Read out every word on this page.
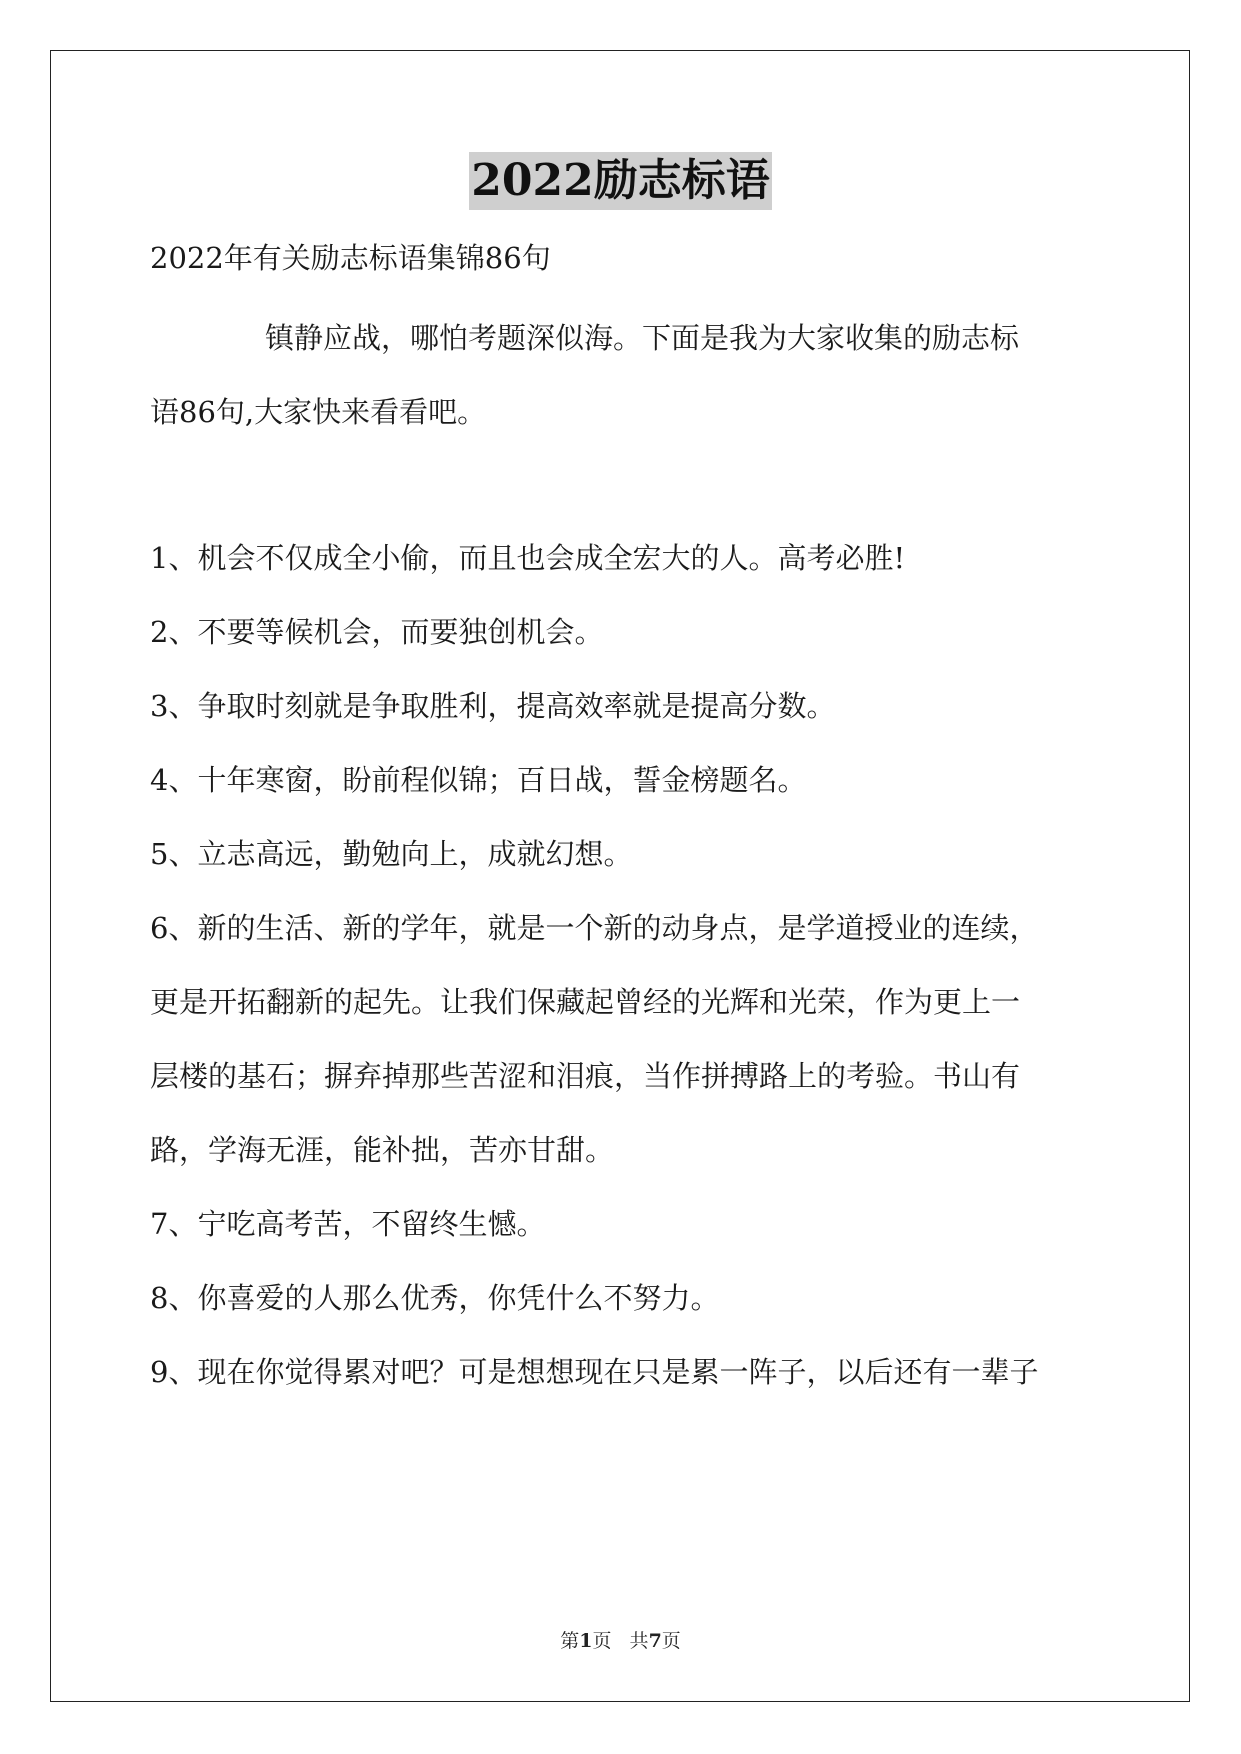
2022励志标语
2022年有关励志标语集锦86句
镇静应战，哪怕考题深似海。下面是我为大家收集的励志标
语86句,大家快来看看吧。
1、机会不仅成全小偷，而且也会成全宏大的人。高考必胜!
2、不要等候机会，而要独创机会。
3、争取时刻就是争取胜利，提高效率就是提高分数。
4、十年寒窗，盼前程似锦；百日战，誓金榜题名。
5、立志高远，勤勉向上，成就幻想。
6、新的生活、新的学年，就是一个新的动身点，是学道授业的连续，
更是开拓翻新的起先。让我们保藏起曾经的光辉和光荣，作为更上一
层楼的基石；摒弃掉那些苦涩和泪痕，当作拼搏路上的考验。书山有
路，学海无涯，能补拙，苦亦甘甜。
7、宁吃高考苦，不留终生憾。
8、你喜爱的人那么优秀，你凭什么不努力。
9、现在你觉得累对吧？可是想想现在只是累一阵子，以后还有一辈子
第1页   共7页
